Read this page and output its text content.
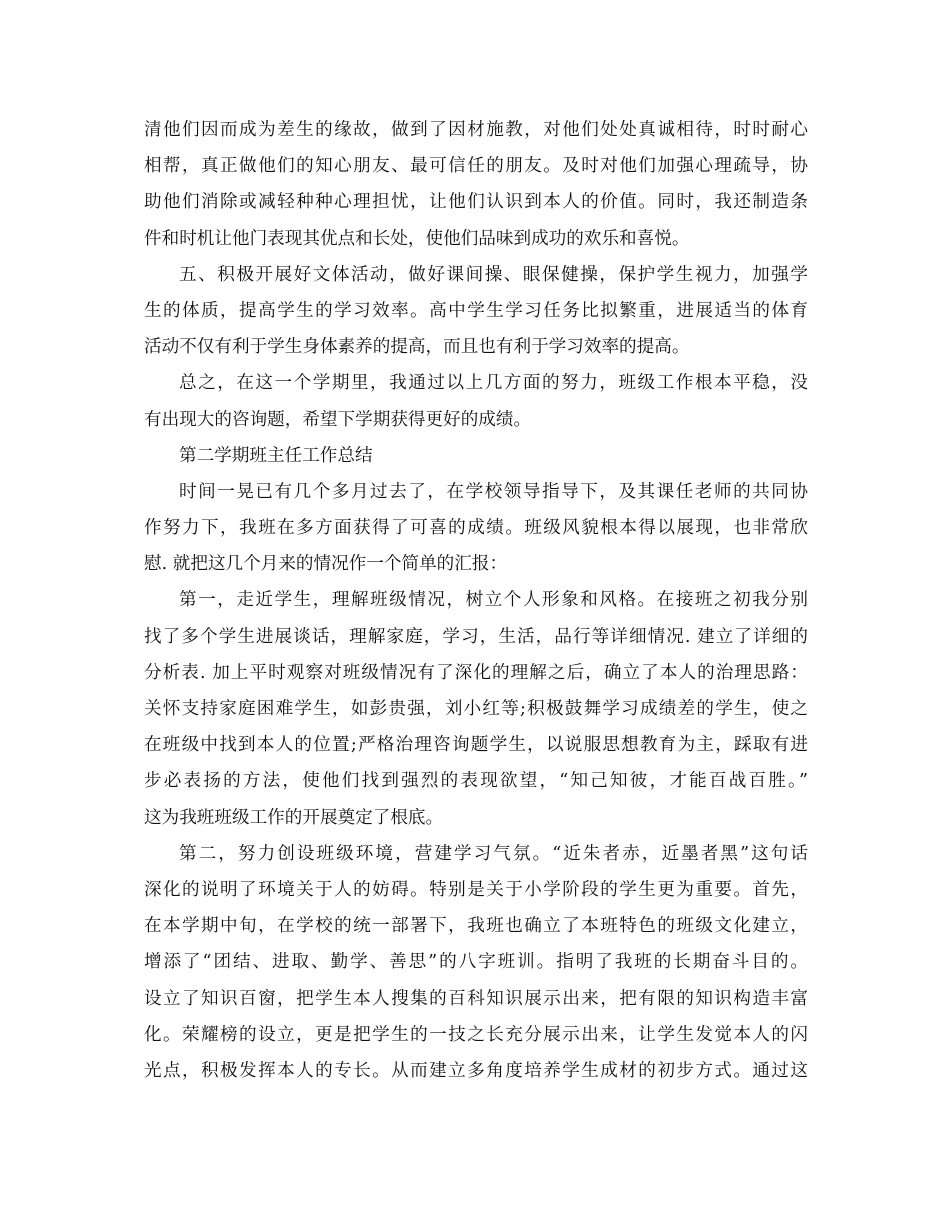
清他们因而成为差生的缘故，做到了因材施教，对他们处处真诚相待，时时耐心
相帮，真正做他们的知心朋友、最可信任的朋友。及时对他们加强心理疏导，协
助他们消除或减轻种种心理担忧，让他们认识到本人的价值。同时，我还制造条
件和时机让他门表现其优点和长处，使他们品味到成功的欢乐和喜悦。
五、积极开展好文体活动，做好课间操、眼保健操，保护学生视力，加强学
生的体质，提高学生的学习效率。高中学生学习任务比拟繁重，进展适当的体育
活动不仅有利于学生身体素养的提高，而且也有利于学习效率的提高。
总之，在这一个学期里，我通过以上几方面的努力，班级工作根本平稳，没
有出现大的咨询题，希望下学期获得更好的成绩。
第二学期班主任工作总结
时间一晃已有几个多月过去了，在学校领导指导下，及其课任老师的共同协
作努力下，我班在多方面获得了可喜的成绩。班级风貌根本得以展现，也非常欣
慰. 就把这几个月来的情况作一个简单的汇报：
第一，走近学生，理解班级情况，树立个人形象和风格。在接班之初我分别
找了多个学生进展谈话，理解家庭，学习，生活，品行等详细情况. 建立了详细的
分析表. 加上平时观察对班级情况有了深化的理解之后，确立了本人的治理思路：
关怀支持家庭困难学生，如彭贵强，刘小红等;积极鼓舞学习成绩差的学生，使之
在班级中找到本人的位置;严格治理咨询题学生，以说服思想教育为主，踩取有进
步必表扬的方法，使他们找到强烈的表现欲望，“知己知彼，才能百战百胜。”
这为我班班级工作的开展奠定了根底。
第二，努力创设班级环境，营建学习气氛。“近朱者赤，近墨者黑”这句话
深化的说明了环境关于人的妨碍。特别是关于小学阶段的学生更为重要。首先，
在本学期中旬，在学校的统一部署下，我班也确立了本班特色的班级文化建立，
增添了“团结、进取、勤学、善思”的八字班训。指明了我班的长期奋斗目的。
设立了知识百窗，把学生本人搜集的百科知识展示出来，把有限的知识构造丰富
化。荣耀榜的设立，更是把学生的一技之长充分展示出来，让学生发觉本人的闪
光点，积极发挥本人的专长。从而建立多角度培养学生成材的初步方式。通过这
